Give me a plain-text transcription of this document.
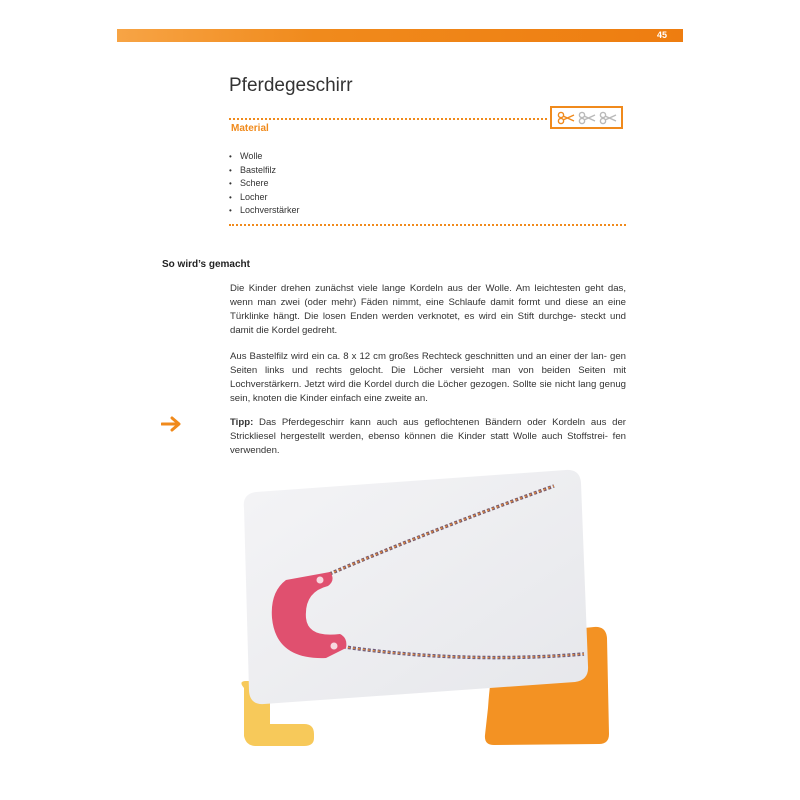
45
Pferdegeschirr
Material
• Wolle
• Bastelfilz
• Schere
• Locher
• Lochverstärker
So wird’s gemacht

Die Kinder drehen zunächst viele lange Kordeln aus der Wolle. Am leichtesten geht das, wenn man zwei (oder mehr) Fäden nimmt, eine Schlaufe damit formt und diese an eine Türklinke hängt. Die losen Enden werden verknotet, es wird ein Stift durchge- steckt und damit die Kordel gedreht.

Aus Bastelfilz wird ein ca. 8 x 12 cm großes Rechteck geschnitten und an einer der lan- gen Seiten links und rechts gelocht. Die Löcher versieht man von beiden Seiten mit Lochverstärkern. Jetzt wird die Kordel durch die Löcher gezogen. Sollte sie nicht lang genug sein, knoten die Kinder einfach eine zweite an.

Tipp: Das Pferdegeschirr kann auch aus geflochtenen Bändern oder Kordeln aus der Strickliesel hergestellt werden, ebenso können die Kinder statt Wolle auch Stoffstrei- fen verwenden.
